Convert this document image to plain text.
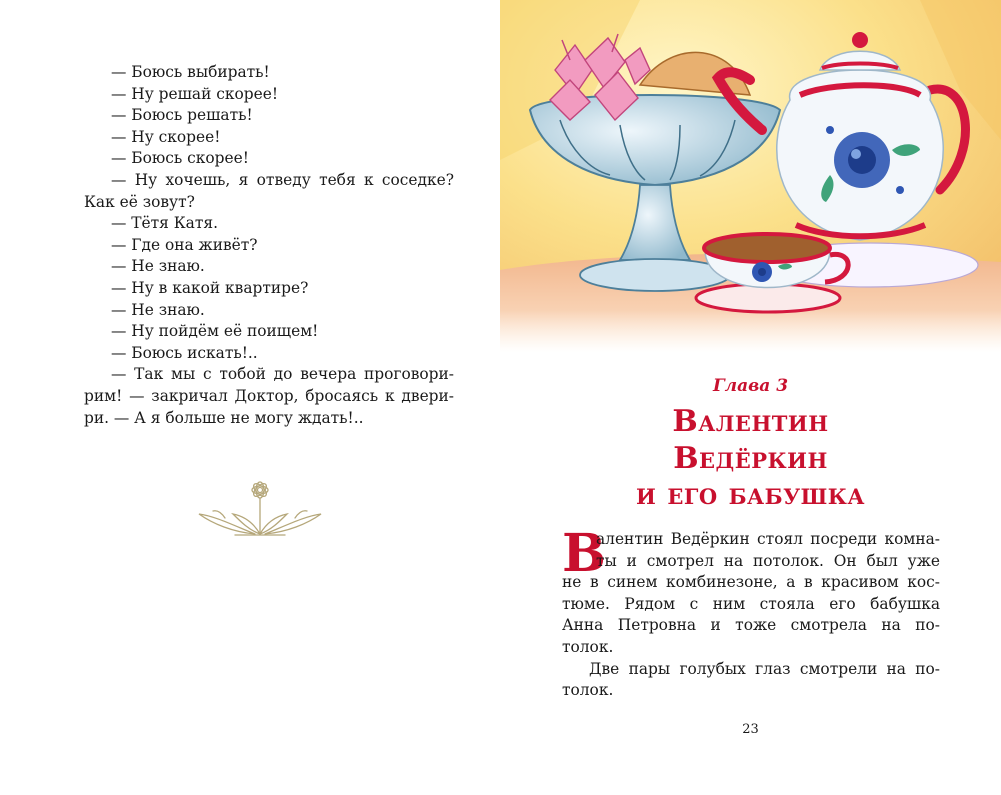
— Боюсь выбирать!
— Ну решай скорее!
— Боюсь решать!
— Ну скорее!
— Боюсь скорее!
— Ну хочешь, я отведу тебя к соседке?
Как её зовут?
— Тётя Катя.
— Где она живёт?
— Не знаю.
— Ну в какой квартире?
— Не знаю.
— Ну пойдём её поищем!
— Боюсь искать!..
— Так мы с тобой до вечера проговори-
рим! — закричал Доктор, бросаясь к двери-
ри. — А я больше не могу ждать!..
Глава 3
Валентин
Ведёркин
и его бабушка
В
алентин Ведёркин стоял посреди комна-
ты и смотрел на потолок. Он был уже
не в синем комбинезоне, а в красивом кос-
тюме. Рядом с ним стояла его бабушка
Анна Петровна и тоже смотрела на по-
толок.
Две пары голубых глаз смотрели на по-
толок.
23
